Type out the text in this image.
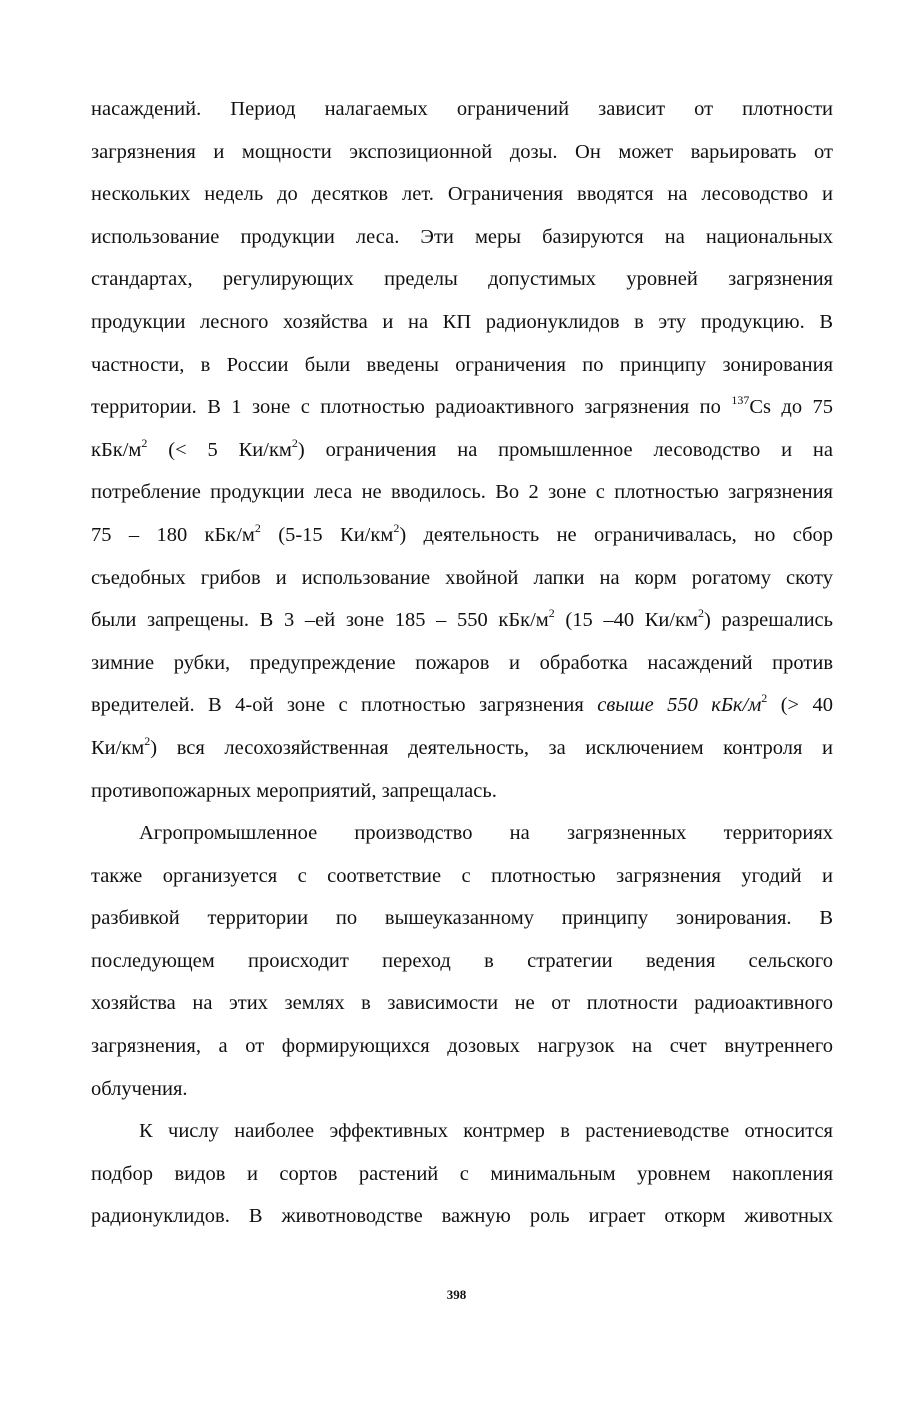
насаждений. Период налагаемых ограничений зависит от плотности
загрязнения и мощности экспозиционной дозы. Он может варьировать от
нескольких недель до десятков лет. Ограничения вводятся на лесоводство и
использование продукции леса. Эти меры базируются на национальных
стандартах, регулирующих пределы допустимых уровней загрязнения
продукции лесного хозяйства и на КП радионуклидов в эту продукцию. В
частности, в России были введены ограничения по принципу зонирования
территории. В 1 зоне с плотностью радиоактивного загрязнения по $^{137}$Cs до 75
кБк/$м^2$ (< 5 $Ки/км^2$) ограничения на промышленное лесоводство и на
потребление продукции леса не вводилось. Во 2 зоне с плотностью загрязнения
75 – 180 кБк/$м^2$ (5-15 $Ки/км^2$) деятельность не ограничивалась, но сбор
съедобных грибов и использование хвойной лапки на корм рогатому скоту
были запрещены. В 3 –ей зоне 185 – 550 кБк/$м^2$ (15 –40 $Ки/км^2$) разрешались
зимние рубки, предупреждение пожаров и обработка насаждений против
вредителей. В 4-ой зоне с плотностью загрязнения свыше 550 кБк/$м^2$ (> 40
$Ки/км^2$) вся лесохозяйственная деятельность, за исключением контроля и
противопожарных мероприятий, запрещалась.
Агропромышленное производство на загрязненных территориях
также организуется с соответствие с плотностью загрязнения угодий и
разбивкой территории по вышеуказанному принципу зонирования. В
последующем происходит переход в стратегии ведения сельского
хозяйства на этих землях в зависимости не от плотности радиоактивного
загрязнения, а от формирующихся дозовых нагрузок на счет внутреннего
облучения.
К числу наиболее эффективных контрмер в растениеводстве относится
подбор видов и сортов растений с минимальным уровнем накопления
радионуклидов. В животноводстве важную роль играет откорм животных
398
